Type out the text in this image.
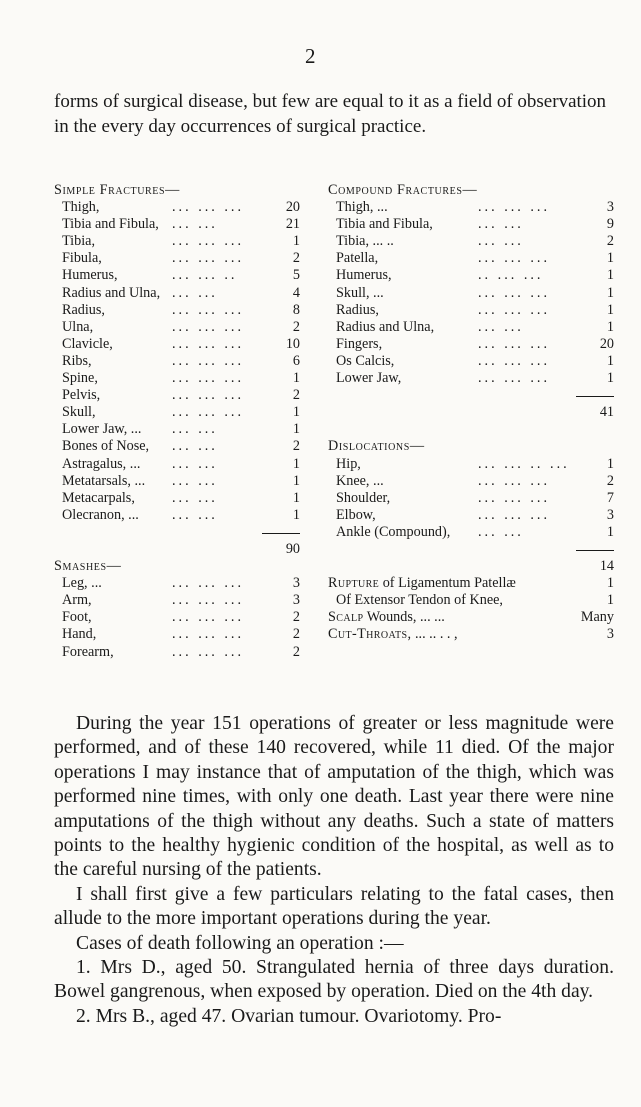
2
forms of surgical disease, but few are equal to it as a field of observation in the every day occurrences of surgical practice.
Simple Fractures—
Thigh,	... ... ...	20
Tibia and Fibula, ... ...	21
Tibia,	... ... ...	1
Fibula,	... ... ...	2
Humerus,	... ... ..	5
Radius and Ulna, ... ...	4
Radius,	... ... ...	8
Ulna,	... ... ...	2
Clavicle,	... ... ...	10
Ribs,	... ... ...	6
Spine,	... ... ...	1
Pelvis,	... ... ...	2
Skull,	... ... ...	1
Lower Jaw, ... ... ...	1
Bones of Nose, ... ...	2
Astragalus, ... ... ...	1
Metatarsals, ... ... ...	1
Metacarpals,	... ...	1
Olecranon, ... ... ...	1
90
Smashes—
Leg, ...	... ... ...	3
Arm,	... ... ...	3
Foot,	... ... ...	2
Hand,	... ... ...	2
Forearm,	... ... ...	2
Compound Fractures—
Thigh, ...	... ... ...	3
Tibia and Fibula,	... ...	9
Tibia, ... ..	... ...	2
Patella,	... ... ...	1
Humerus,	.. ... ...	1
Skull, ...	... ... ...	1
Radius,	... ... ...	1
Radius and Ulna,	... ...	1
Fingers,	... ... ...	20
Os Calcis,	... ... ...	1
Lower Jaw,	... ... ...	1
41
Dislocations—
Hip,	... ... .. ...	1
Knee, ...	... ... ...	2
Shoulder,	... ... ...	7
Elbow,	... ... ...	3
Ankle (Compound), ... ...	1
14
Rupture of Ligamentum Patellæ	1
Of Extensor Tendon of Knee,	1
Scalp Wounds, ... ...	Many
Cut-Throats, ... .. . . ,	3

During the year 151 operations of greater or less magnitude were performed, and of these 140 recovered, while 11 died. Of the major operations I may instance that of amputation of the thigh, which was performed nine times, with only one death. Last year there were nine amputations of the thigh without any deaths. Such a state of matters points to the healthy hygienic condition of the hospital, as well as to the careful nursing of the patients.

I shall first give a few particulars relating to the fatal cases, then allude to the more important operations during the year.

Cases of death following an operation :—

1. Mrs D., aged 50. Strangulated hernia of three days duration. Bowel gangrenous, when exposed by operation. Died on the 4th day.

2. Mrs B., aged 47. Ovarian tumour. Ovariotomy. Pro-
